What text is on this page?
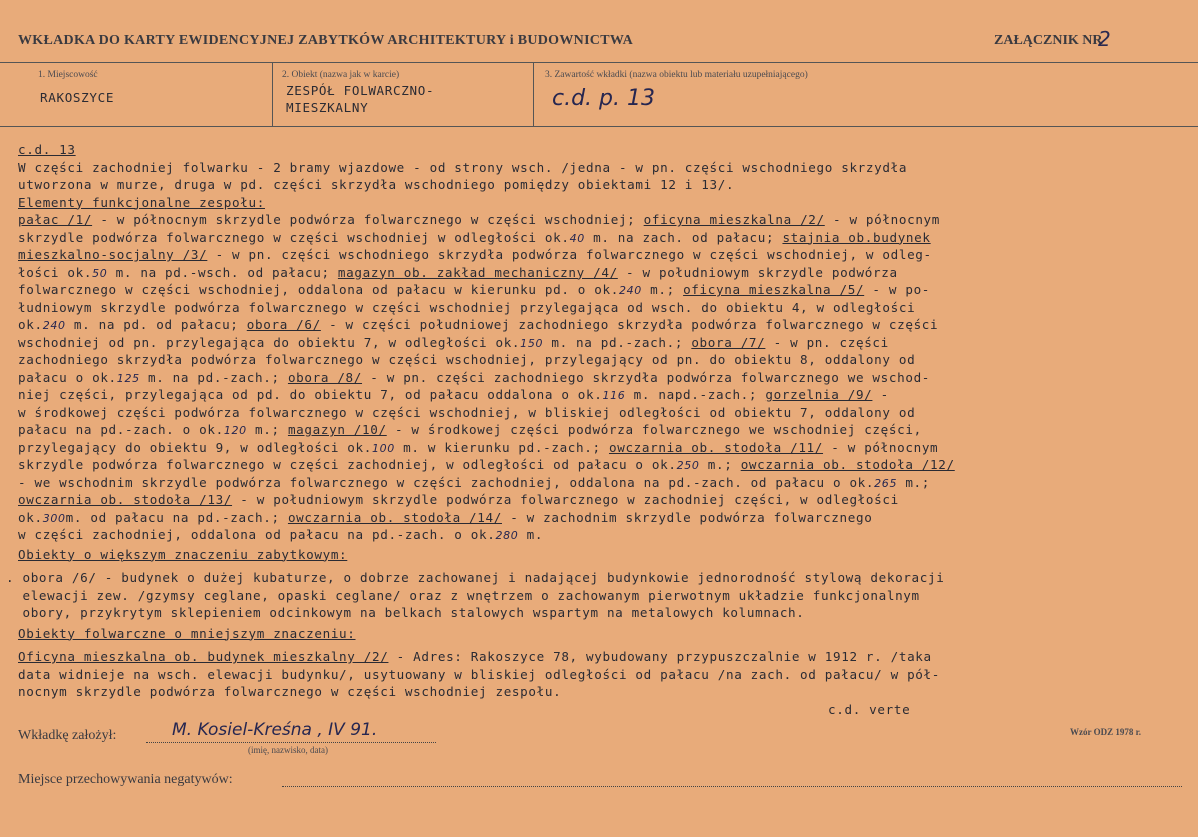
WKŁADKA DO KARTY EWIDENCYJNEJ ZABYTKÓW ARCHITEKTURY i BUDOWNICTWA	ZAŁĄCZNIK NR
2
1. Miejscowość
RAKOSZYCE
2. Obiekt (nazwa jak w karcie)
ZESPÓŁ FOLWARCZNO-
MIESZKALNY
3. Zawartość wkładki (nazwa obiektu lub materiału uzupełniającego)
c.d. p. 13
c.d. 13
W części zachodniej folwarku - 2 bramy wjazdowe - od strony wsch. /jedna - w pn. części wschodniego skrzydła
utworzona w murze, druga w pd. części skrzydła wschodniego pomiędzy obiektami 12 i 13/.
Elementy funkcjonalne zespołu:
pałac /1/ - w północnym skrzydle podwórza folwarcznego w części wschodniej; oficyna mieszkalna /2/ - w północnym
skrzydle podwórza folwarcznego w części wschodniej w odległości ok.40 m. na zach. od pałacu; stajnia ob.budynek
mieszkalno-socjalny /3/ - w pn. części wschodniego skrzydła podwórza folwarcznego w części wschodniej, w odleg-
łości ok.50 m. na pd.-wsch. od pałacu; magazyn ob. zakład mechaniczny /4/ - w południowym skrzydle podwórza
folwarcznego w części wschodniej, oddalona od pałacu w kierunku pd. o ok.240 m.; oficyna mieszkalna /5/ - w po-
łudniowym skrzydle podwórza folwarcznego w części wschodniej przylegająca od wsch. do obiektu 4, w odległości
ok.240 m. na pd. od pałacu; obora /6/ - w części południowej zachodniego skrzydła podwórza folwarcznego w części
wschodniej od pn. przylegająca do obiektu 7, w odległości ok.150 m. na pd.-zach.; obora /7/ - w pn. części
zachodniego skrzydła podwórza folwarcznego w części wschodniej, przylegający od pn. do obiektu 8, oddalony od
pałacu o ok.125 m. na pd.-zach.; obora /8/ - w pn. części zachodniego skrzydła podwórza folwarcznego we wschod-
niej części, przylegająca od pd. do obiektu 7, od pałacu oddalona o ok.116 m. napd.-zach.; gorzelnia /9/ -
w środkowej części podwórza folwarcznego w części wschodniej, w bliskiej odległości od obiektu 7, oddalony od
pałacu na pd.-zach. o ok.120 m.; magazyn /10/ - w środkowej części podwórza folwarcznego we wschodniej części,
przylegający do obiektu 9, w odległości ok.100 m. w kierunku pd.-zach.; owczarnia ob. stodoła /11/ - w północnym
skrzydle podwórza folwarcznego w części zachodniej, w odległości od pałacu o ok.250 m.; owczarnia ob. stodoła /12/
- we wschodnim skrzydle podwórza folwarcznego w części zachodniej, oddalona na pd.-zach. od pałacu o ok.265 m.;
owczarnia ob. stodoła /13/ - w południowym skrzydle podwórza folwarcznego w zachodniej części, w odległości
ok.300m. od pałacu na pd.-zach.; owczarnia ob. stodoła /14/ - w zachodnim skrzydle podwórza folwarcznego
w części zachodniej, oddalona od pałacu na pd.-zach. o ok.280 m.
Obiekty o większym znaczeniu zabytkowym:
. obora /6/ - budynek o dużej kubaturze, o dobrze zachowanej i nadającej budynkowie jednorodność stylową dekoracji
elewacji zew. /gzymsy ceglane, opaski ceglane/ oraz z wnętrzem o zachowanym pierwotnym układzie funkcjonalnym
obory, przykrytym sklepieniem odcinkowym na belkach stalowych wspartym na metalowych kolumnach.
Obiekty folwarczne o mniejszym znaczeniu:
Oficyna mieszkalna ob. budynek mieszkalny /2/ - Adres: Rakoszyce 78, wybudowany przypuszczalnie w 1912 r. /taka
data widnieje na wsch. elewacji budynku/, usytuowany w bliskiej odległości od pałacu /na zach. od pałacu/ w pół-
nocnym skrzydle podwórza folwarcznego w części wschodniej zespołu.
c.d. verte
Wkładkę założył:	M. Kosiel-Kreśna , IV 91.
(imię, nazwisko, data)
Wzór ODZ 1978 r.
Miejsce przechowywania negatywów:
